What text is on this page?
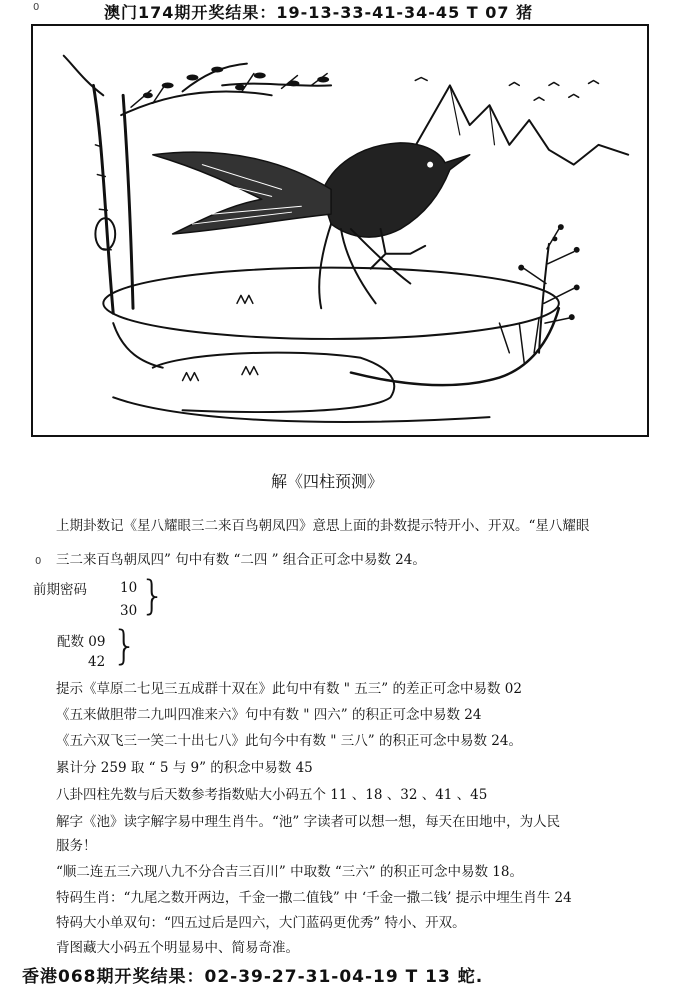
0	澳门174期开奖结果：19-13-33-41-34-45 T 07 猪
解《四柱预测》
上期卦数记《星八耀眼三二来百鸟朝凤四》意思上面的卦数提示特开小、开双。“星八耀眼
0 三二来百鸟朝凤四” 句中有数 “二四 ” 组合正可念中易数 24。
前期密码 10
30 }
配数 09
42 }
提示《草原二七见三五成群十双在》此句中有数 " 五三” 的差正可念中易数 02
《五来做胆带二九叫四准来六》句中有数 " 四六” 的积正可念中易数 24
《五六双飞三一笑二十出七八》此句今中有数 " 三八” 的积正可念中易数 24。
累计分 259 取 “ 5 与 9” 的积念中易数 45
八卦四柱先数与后天数参考指数贴大小码五个 11 、18 、32 、41 、45
解字《池》读字解字易中理生肖牛。“池” 字读者可以想一想，每天在田地中，为人民
服务！
“顺二连五三六现八九不分合吉三百川” 中取数 “三六” 的积正可念中易数 18。
特码生肖：“九尾之数开两边，千金一撒二值钱” 中 ‘千金一撒二钱’ 提示中埋生肖牛 24
特码大小单双句：“四五过后是四六，大门蓝码更优秀” 特小、开双。
背图藏大小码五个明显易中、简易奇准。
香港068期开奖结果：02-39-27-31-04-19 T 13 蛇.
